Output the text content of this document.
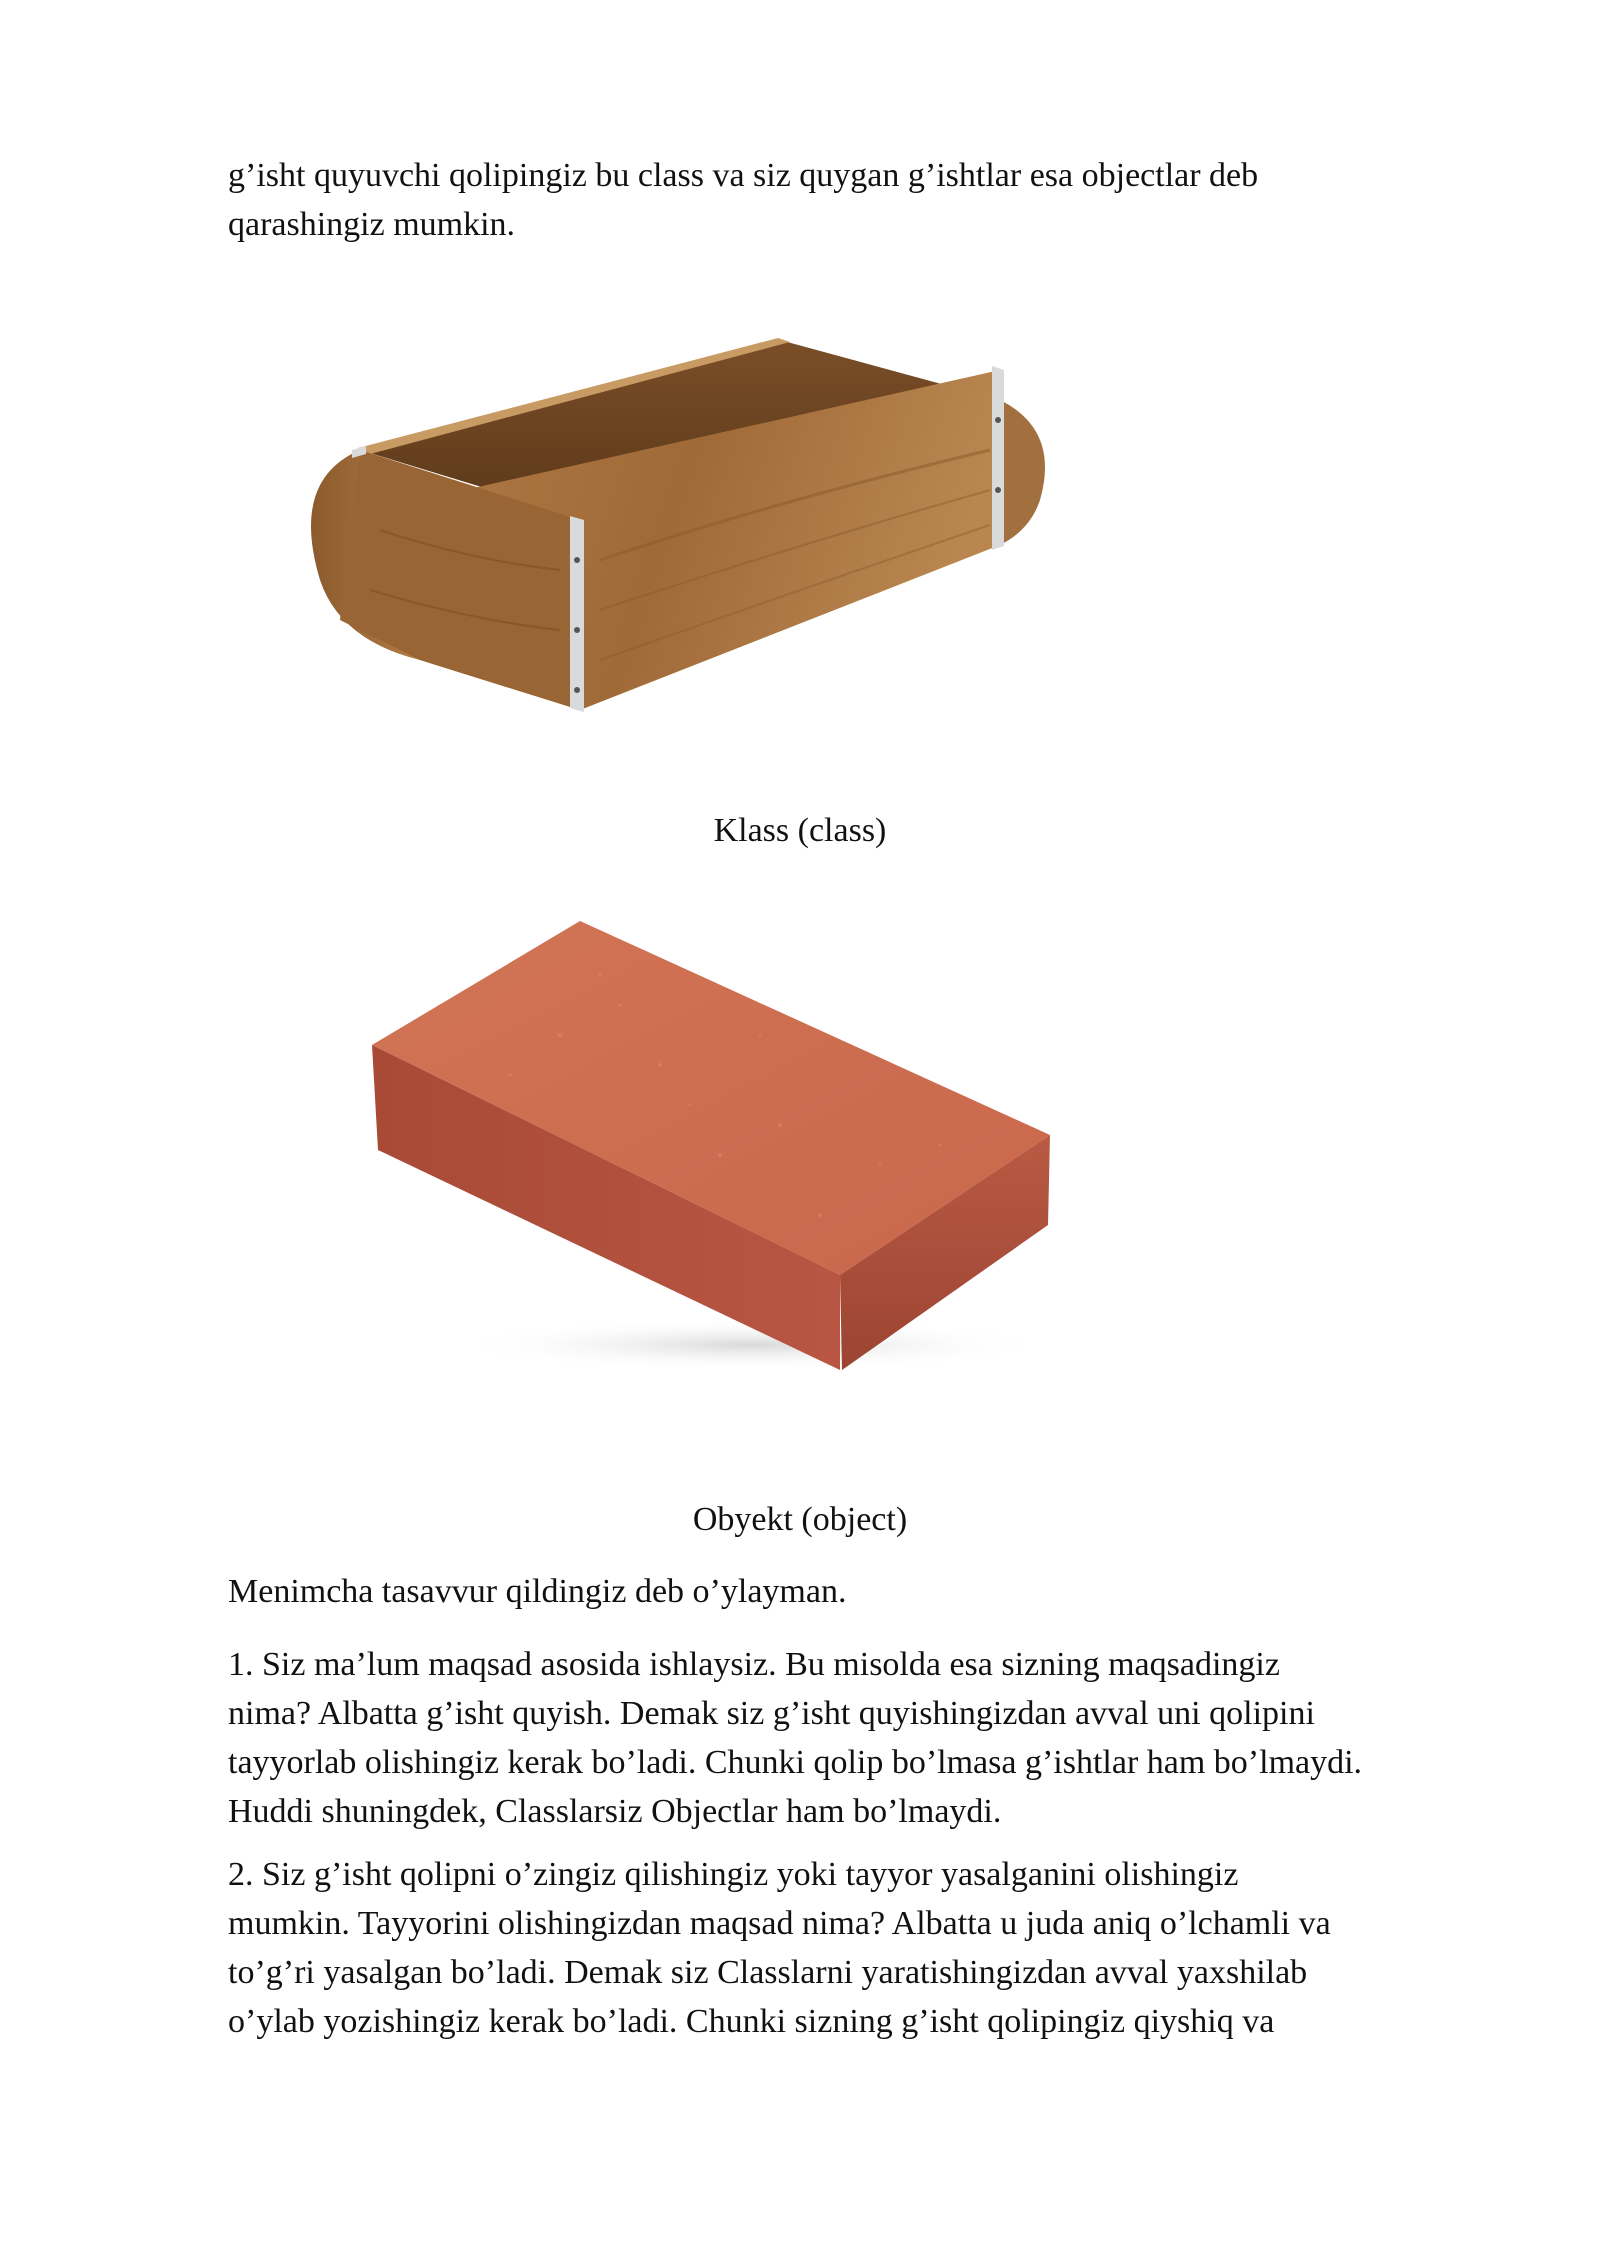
g’isht quyuvchi qolipingiz bu class va siz quygan g’ishtlar esa objectlar deb
qarashingiz mumkin.

Klass (class)

Obyekt (object)

Menimcha tasavvur qildingiz deb o’ylayman.

1. Siz ma’lum maqsad asosida ishlaysiz. Bu misolda esa sizning maqsadingiz
nima? Albatta g’isht quyish. Demak siz g’isht quyishingizdan avval uni qolipini
tayyorlab olishingiz kerak bo’ladi. Chunki qolip bo’lmasa g’ishtlar ham bo’lmaydi.
Huddi shuningdek, Classlarsiz Objectlar ham bo’lmaydi.

2. Siz g’isht qolipni o’zingiz qilishingiz yoki tayyor yasalganini olishingiz
mumkin. Tayyorini olishingizdan maqsad nima? Albatta u juda aniq o’lchamli va
to’g’ri yasalgan bo’ladi. Demak siz Classlarni yaratishingizdan avval yaxshilab
o’ylab yozishingiz kerak bo’ladi. Chunki sizning g’isht qolipingiz qiyshiq va
